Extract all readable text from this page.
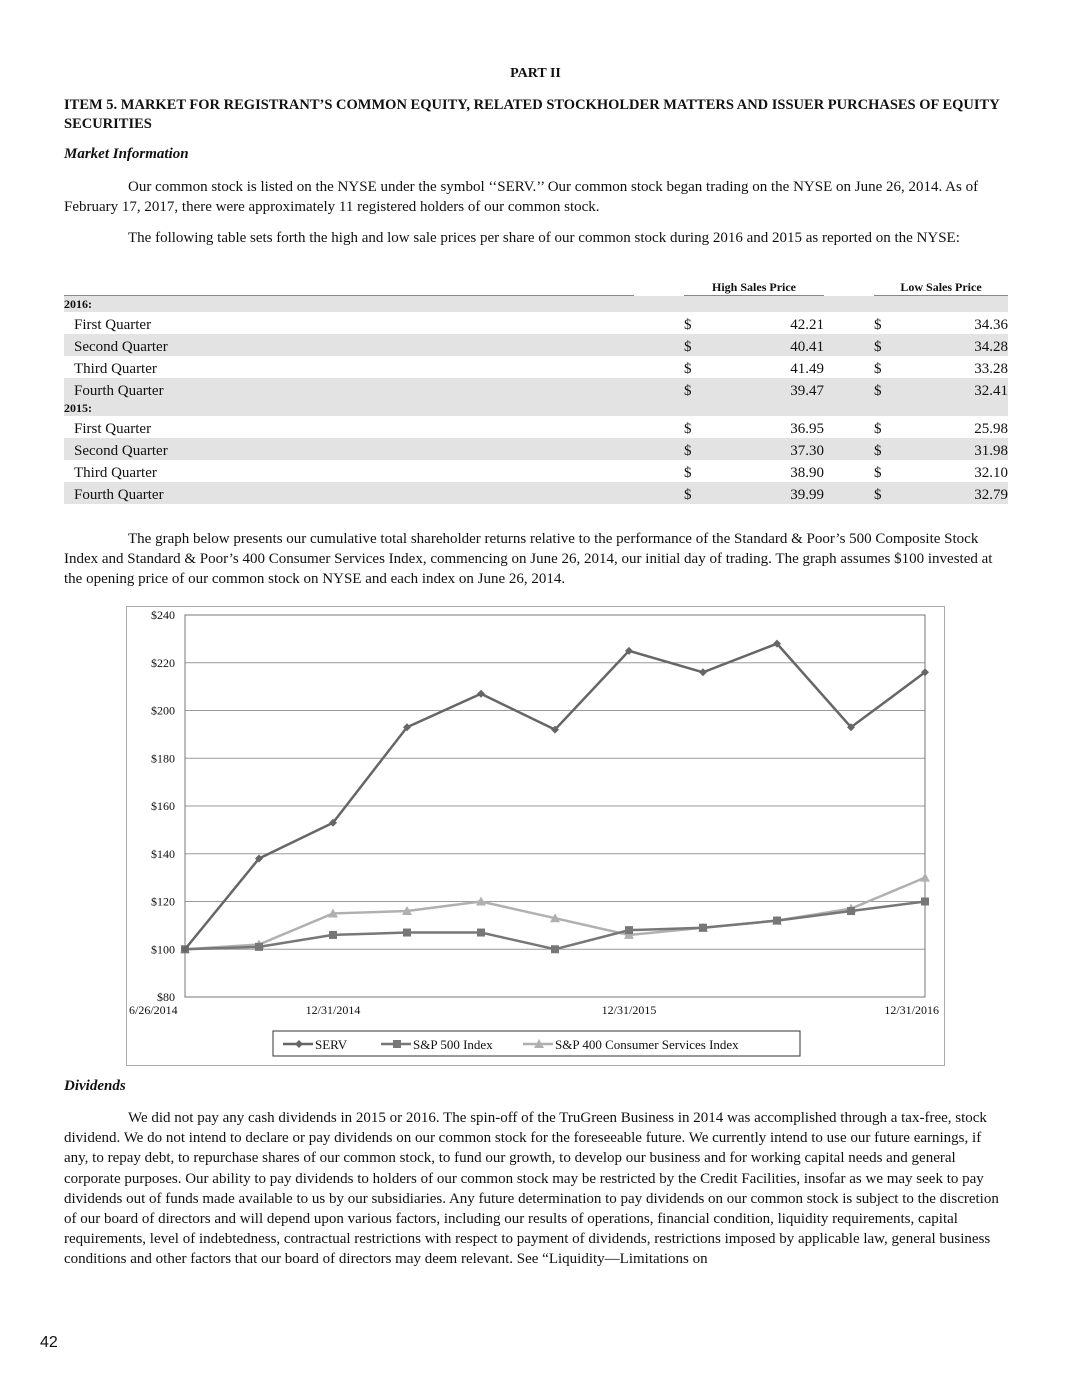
PART II
ITEM 5. MARKET FOR REGISTRANT’S COMMON EQUITY, RELATED STOCKHOLDER MATTERS AND ISSUER PURCHASES OF EQUITY SECURITIES
Market Information
Our common stock is listed on the NYSE under the symbol ‘‘SERV.’’ Our common stock began trading on the NYSE on June 26, 2014. As of February 17, 2017, there were approximately 11 registered holders of our common stock.
The following table sets forth the high and low sale prices per share of our common stock during 2016 and 2015 as reported on the NYSE:
		High Sales Price			Low Sales Price	
2016:						
First Quarter		$	42.21		$	34.36
Second Quarter		$	40.41		$	34.28
Third Quarter		$	41.49		$	33.28
Fourth Quarter		$	39.47		$	32.41
2015:						
First Quarter		$	36.95		$	25.98
Second Quarter		$	37.30		$	31.98
Third Quarter		$	38.90		$	32.10
Fourth Quarter		$	39.99		$	32.79
The graph below presents our cumulative total shareholder returns relative to the performance of the Standard & Poor’s 500 Composite Stock Index and Standard & Poor’s 400 Consumer Services Index, commencing on June 26, 2014, our initial day of trading. The graph assumes $100 invested at the opening price of our common stock on NYSE and each index on June 26, 2014.
$80
$100
$120
$140
$160
$180
$200
$220
$240
6/26/2014	12/31/2014	12/31/2015	12/31/2016
SERV	S&P 500 Index	S&P 400 Consumer Services Index
Dividends
We did not pay any cash dividends in 2015 or 2016. The spin-off of the TruGreen Business in 2014 was accomplished through a tax-free, stock dividend. We do not intend to declare or pay dividends on our common stock for the foreseeable future. We currently intend to use our future earnings, if any, to repay debt, to repurchase shares of our common stock, to fund our growth, to develop our business and for working capital needs and general corporate purposes. Our ability to pay dividends to holders of our common stock may be restricted by the Credit Facilities, insofar as we may seek to pay dividends out of funds made available to us by our subsidiaries. Any future determination to pay dividends on our common stock is subject to the discretion of our board of directors and will depend upon various factors, including our results of operations, financial condition, liquidity requirements, capital requirements, level of indebtedness, contractual restrictions with respect to payment of dividends, restrictions imposed by applicable law, general business conditions and other factors that our board of directors may deem relevant. See “Liquidity—Limitations on
42
